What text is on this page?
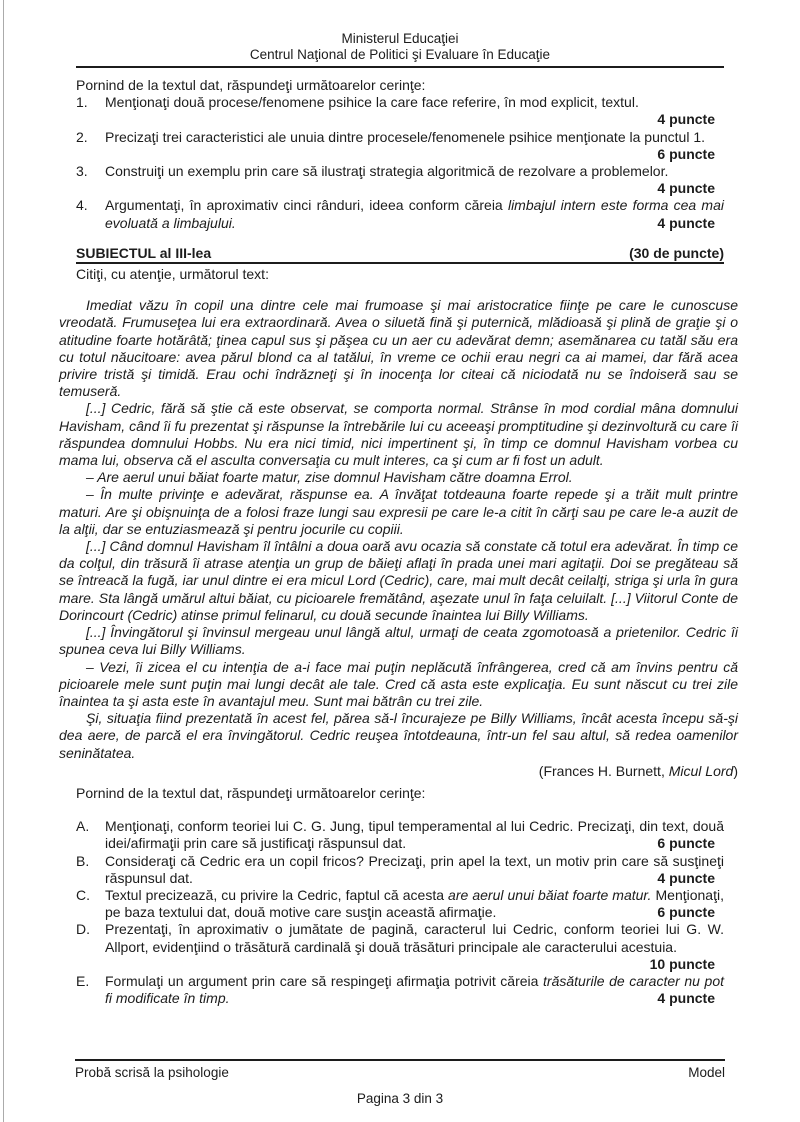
Ministerul Educaţiei
Centrul Naţional de Politici şi Evaluare în Educaţie
Pornind de la textul dat, răspundeţi următoarelor cerinţe:
1.	Menţionaţi două procese/fenomene psihice la care face referire, în mod explicit, textul.
4 puncte
2.	Precizaţi trei caracteristici ale unuia dintre procesele/fenomenele psihice menţionate la punctul 1.
6 puncte
3.	Construiţi un exemplu prin care să ilustraţi strategia algoritmică de rezolvare a problemelor.
4 puncte
4.	Argumentaţi, în aproximativ cinci rânduri, ideea conform căreia limbajul intern este forma cea mai evoluată a limbajului.	4 puncte
SUBIECTUL al III-lea	(30 de puncte)
Citiţi, cu atenţie, următorul text:

Imediat văzu în copil una dintre cele mai frumoase şi mai aristocratice fiinţe pe care le cunoscuse vreodată. Frumuseţea lui era extraordinară. Avea o siluetă fină şi puternică, mlădioasă şi plină de graţie şi o atitudine foarte hotărâtă; ţinea capul sus şi păşea cu un aer cu adevărat demn; asemănarea cu tatăl său era cu totul năucitoare: avea părul blond ca al tatălui, în vreme ce ochii erau negri ca ai mamei, dar fără acea privire tristă şi timidă. Erau ochi îndrăzneţi şi în inocenţa lor citeai că niciodată nu se îndoiseră sau se temuseră.

[...] Cedric, fără să ştie că este observat, se comporta normal. Strânse în mod cordial mâna domnului Havisham, când îi fu prezentat şi răspunse la întrebările lui cu aceeaşi promptitudine şi dezinvoltură cu care îi răspundea domnului Hobbs. Nu era nici timid, nici impertinent şi, în timp ce domnul Havisham vorbea cu mama lui, observa că el asculta conversaţia cu mult interes, ca şi cum ar fi fost un adult.

– Are aerul unui băiat foarte matur, zise domnul Havisham către doamna Errol.

– În multe privinţe e adevărat, răspunse ea. A învăţat totdeauna foarte repede şi a trăit mult printre maturi. Are şi obişnuinţa de a folosi fraze lungi sau expresii pe care le-a citit în cărţi sau pe care le-a auzit de la alţii, dar se entuziasmează şi pentru jocurile cu copiii.

[...] Când domnul Havisham îl întâlni a doua oară avu ocazia să constate că totul era adevărat. În timp ce da colţul, din trăsură îi atrase atenţia un grup de băieţi aflaţi în prada unei mari agitaţii. Doi se pregăteau să se întreacă la fugă, iar unul dintre ei era micul Lord (Cedric), care, mai mult decât ceilalţi, striga şi urla în gura mare. Sta lângă umărul altui băiat, cu picioarele fremătând, aşezate unul în faţa celuilalt. [...] Viitorul Conte de Dorincourt (Cedric) atinse primul felinarul, cu două secunde înaintea lui Billy Williams.

[...] Învingătorul şi învinsul mergeau unul lângă altul, urmaţi de ceata zgomotoasă a prietenilor. Cedric îi spunea ceva lui Billy Williams.

– Vezi, îi zicea el cu intenţia de a-i face mai puţin neplăcută înfrângerea, cred că am învins pentru că picioarele mele sunt puţin mai lungi decât ale tale. Cred că asta este explicaţia. Eu sunt născut cu trei zile înaintea ta şi asta este în avantajul meu. Sunt mai bătrân cu trei zile.

Şi, situaţia fiind prezentată în acest fel, părea să-l încurajeze pe Billy Williams, încât acesta începu să-şi dea aere, de parcă el era învingătorul. Cedric reuşea întotdeauna, într-un fel sau altul, să redea oamenilor seninătatea.

(Frances H. Burnett, Micul Lord)
Pornind de la textul dat, răspundeţi următoarelor cerinţe:
A.	Menţionaţi, conform teoriei lui C. G. Jung, tipul temperamental al lui Cedric. Precizaţi, din text, două idei/afirmaţii prin care să justificaţi răspunsul dat.	6 puncte
B.	Consideraţi că Cedric era un copil fricos? Precizaţi, prin apel la text, un motiv prin care să susţineţi răspunsul dat.	4 puncte
C.	Textul precizează, cu privire la Cedric, faptul că acesta are aerul unui băiat foarte matur. Menţionaţi, pe baza textului dat, două motive care susţin această afirmaţie.	6 puncte
D.	Prezentaţi, în aproximativ o jumătate de pagină, caracterul lui Cedric, conform teoriei lui G. W. Allport, evidenţiind o trăsătură cardinală şi două trăsături principale ale caracterului acestuia.
10 puncte
E.	Formulaţi un argument prin care să respingeţi afirmaţia potrivit căreia trăsăturile de caracter nu pot fi modificate în timp.	4 puncte
Probă scrisă la psihologie	Model
Pagina 3 din 3
